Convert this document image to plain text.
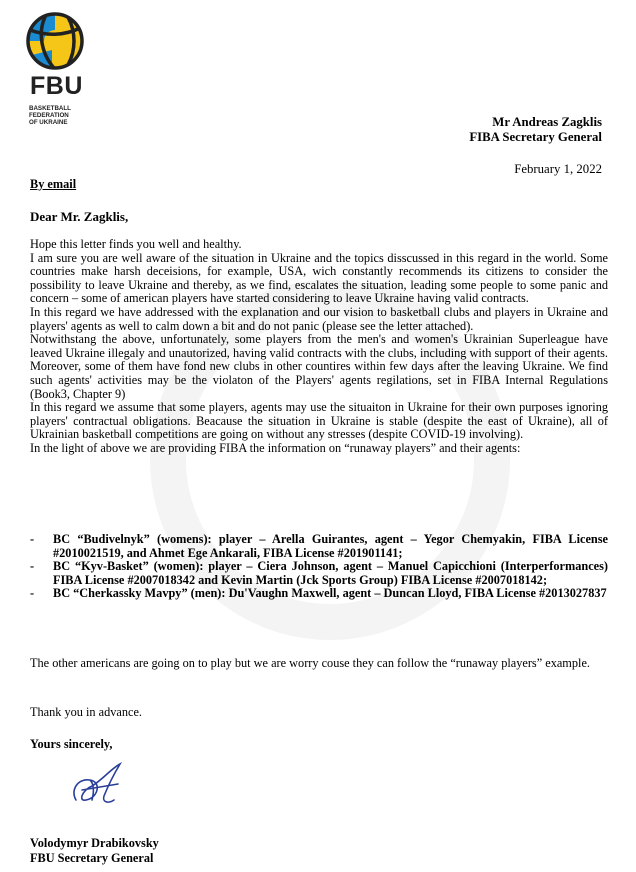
FBU
BASKETBALL
FEDERATION
OF UKRAINE	Mr Andreas Zagklis
FIBA Secretary General
February 1, 2022
By email
Dear Mr. Zagklis,

Hope this letter finds you well and healthy.

I am sure you are well aware of the situation in Ukraine and the topics disscussed in this regard in the world. Some countries make harsh deceisions, for example, USA, wich constantly recommends its citizens to consider the possibility to leave Ukraine and thereby, as we find, escalates the situation, leading some people to some panic and concern – some of american players have started considering to leave Ukraine having valid contracts.

In this regard we have addressed with the explanation and our vision to basketball clubs and players in Ukraine and players' agents as well to calm down a bit and do not panic (please see the letter attached).

Notwithstang the above, unfortunately, some players from the men's and women's Ukrainian Superleague have leaved Ukraine illegaly and unautorized, having valid contracts with the clubs, including with support of their agents. Moreover, some of them have fond new clubs in other countires within few days after the leaving Ukraine. We find such agents' activities may be the violaton of the Players' agents regilations, set in FIBA Internal Regulations (Book3, Chapter 9)

In this regard we assume that some players, agents may use the situaiton in Ukraine for their own purposes ignoring players' contractual obligations. Beacause the situation in Ukraine is stable (despite the east of Ukraine), all of Ukrainian basketball competitions are going on without any stresses (despite COVID-19 involving).

In the light of above we are providing FIBA the information on “runaway players” and their agents:

-	BC “Budivelnyk” (womens): player – Arella Guirantes, agent – Yegor Chemyakin, FIBA License #2010021519, and Ahmet Ege Ankarali, FIBA License #201901141;
-	BC “Kyv-Basket” (women): player – Ciera Johnson, agent – Manuel Capicchioni (Interperformances) FIBA License #2007018342 and Kevin Martin (Jck Sports Group) FIBA License #2007018142;
-	BC “Cherkassky Mavpy” (men): Du'Vaughn Maxwell, agent – Duncan Lloyd, FIBA License #2013027837
The other americans are going on to play but we are worry couse they can follow the “runaway players” example.
Thank you in advance.
Yours sincerely,
Volodymyr Drabikovsky
FBU Secretary General
